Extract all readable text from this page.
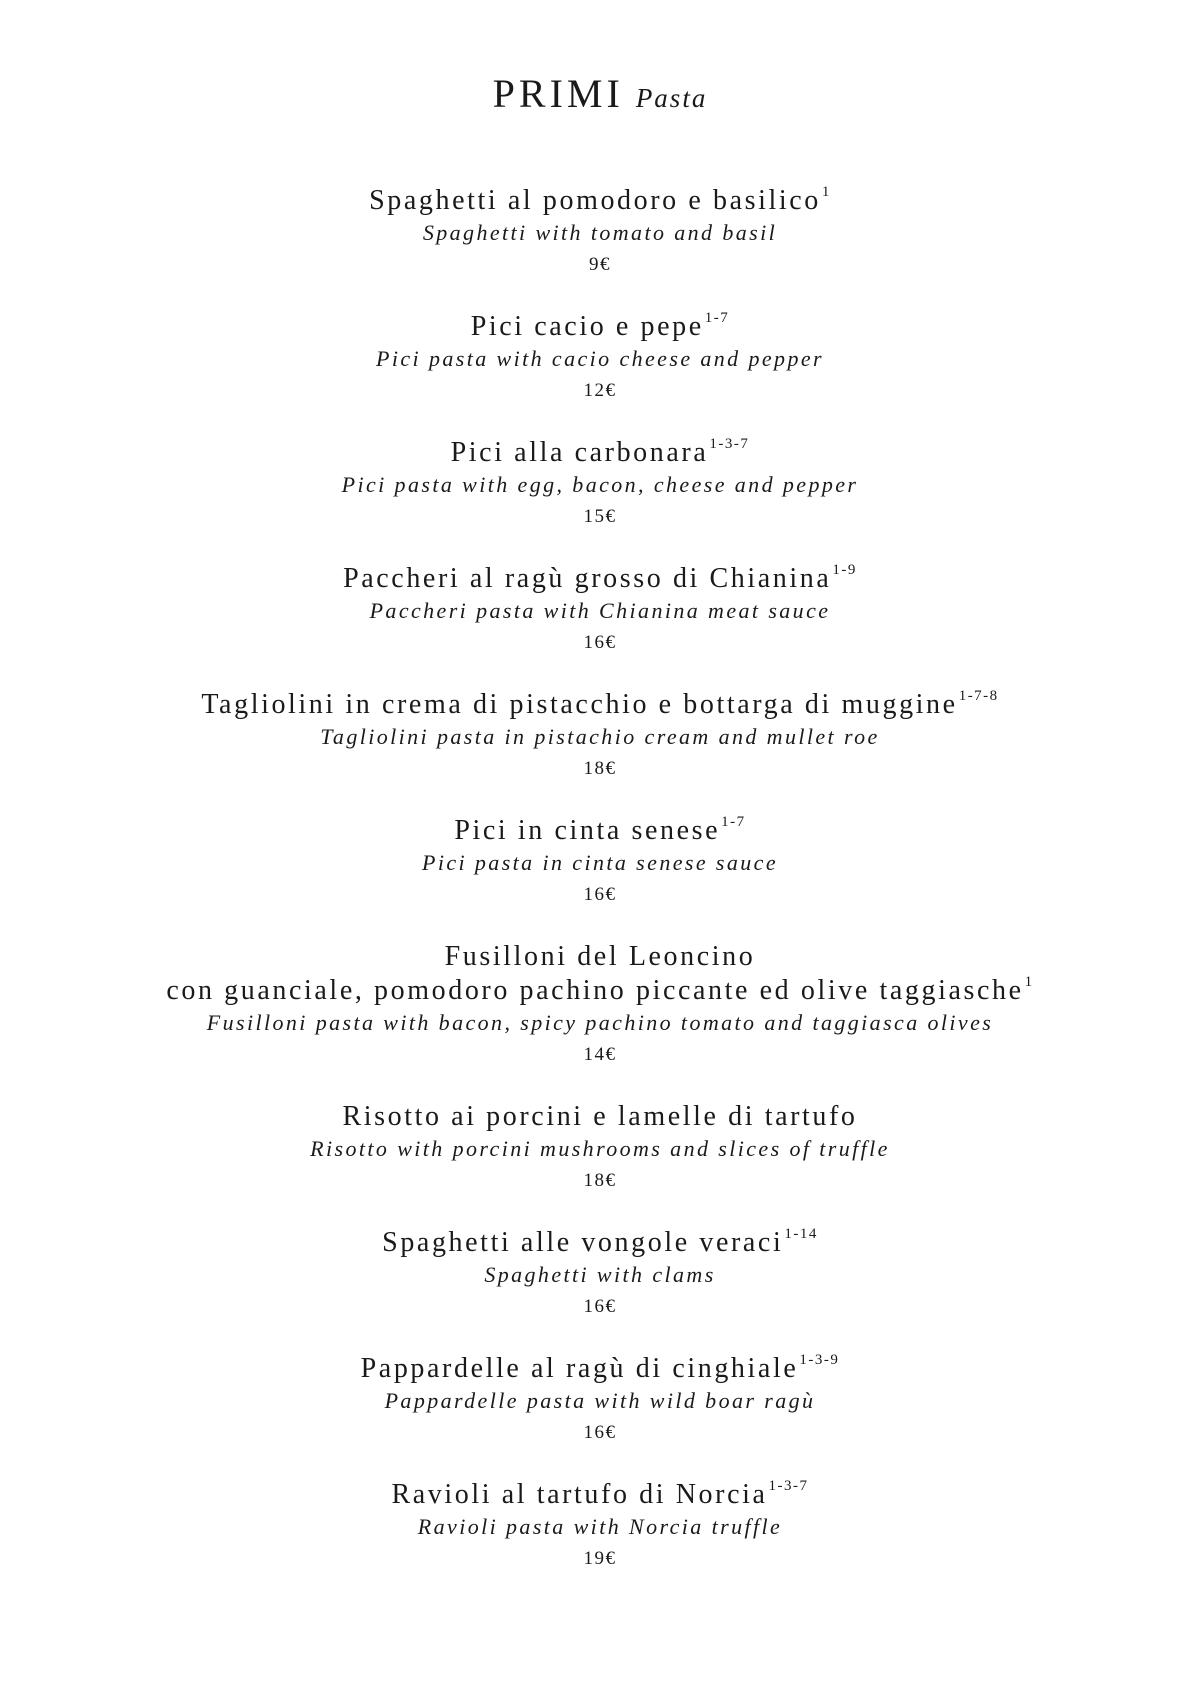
PRIMI Pasta
Spaghetti al pomodoro e basilico$^1$
Spaghetti with tomato and basil
9€
Pici cacio e pepe$^{1-7}$
Pici pasta with cacio cheese and pepper
12€
Pici alla carbonara$^{1-3-7}$
Pici pasta with egg, bacon, cheese and pepper
15€
Paccheri al ragù grosso di Chianina$^{1-9}$
Paccheri pasta with Chianina meat sauce
16€
Tagliolini in crema di pistacchio e bottarga di muggine$^{1-7-8}$
Tagliolini pasta in pistachio cream and mullet roe
18€
Pici in cinta senese$^{1-7}$
Pici pasta in cinta senese sauce
16€
Fusilloni del Leoncino
con guanciale, pomodoro pachino piccante ed olive taggiasche$^1$
Fusilloni pasta with bacon, spicy pachino tomato and taggiasca olives
14€
Risotto ai porcini e lamelle di tartufo
Risotto with porcini mushrooms and slices of truffle
18€
Spaghetti alle vongole veraci$^{1-14}$
Spaghetti with clams
16€
Pappardelle al ragù di cinghiale$^{1-3-9}$
Pappardelle pasta with wild boar ragù
16€
Ravioli al tartufo di Norcia$^{1-3-7}$
Ravioli pasta with Norcia truffle
19€
